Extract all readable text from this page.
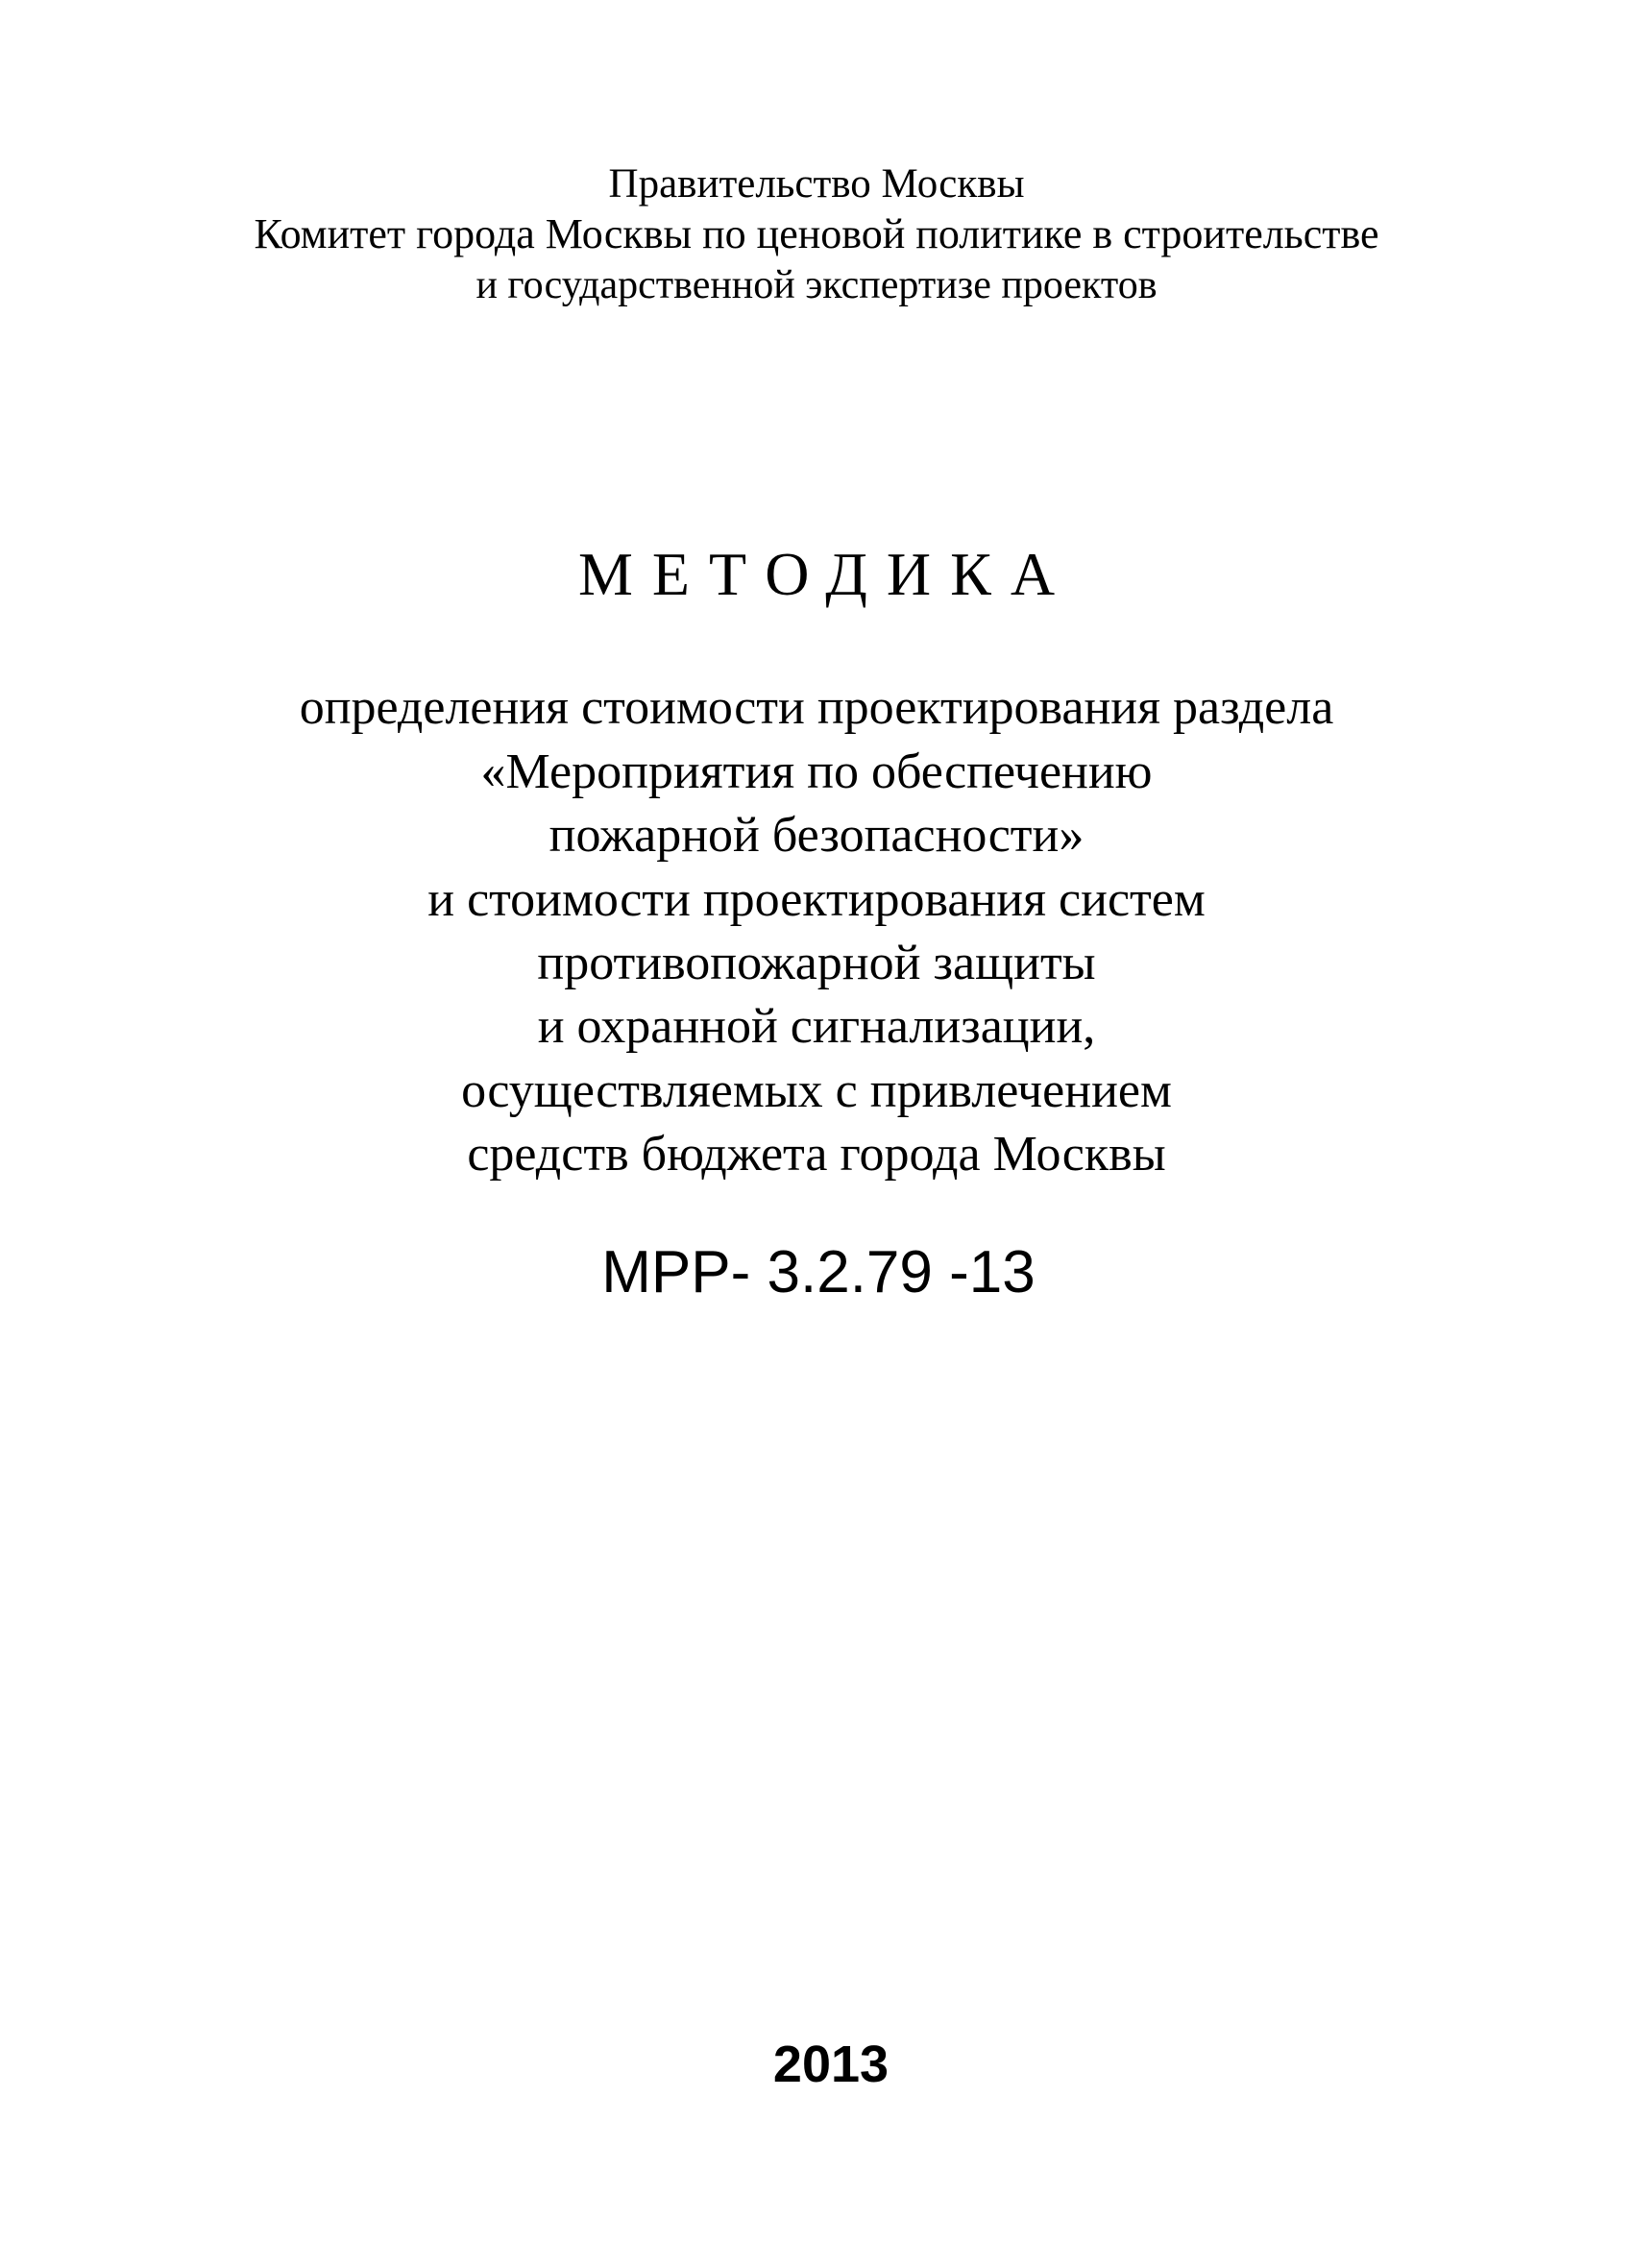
Правительство Москвы
Комитет города Москвы по ценовой политике в строительстве
и государственной экспертизе проектов
МЕТОДИКА
определения стоимости проектирования раздела
«Мероприятия по обеспечению
пожарной безопасности»
и стоимости проектирования систем
противопожарной защиты
и охранной сигнализации,
осуществляемых с привлечением
средств бюджета города Москвы
МРР- 3.2.79 -13
2013
